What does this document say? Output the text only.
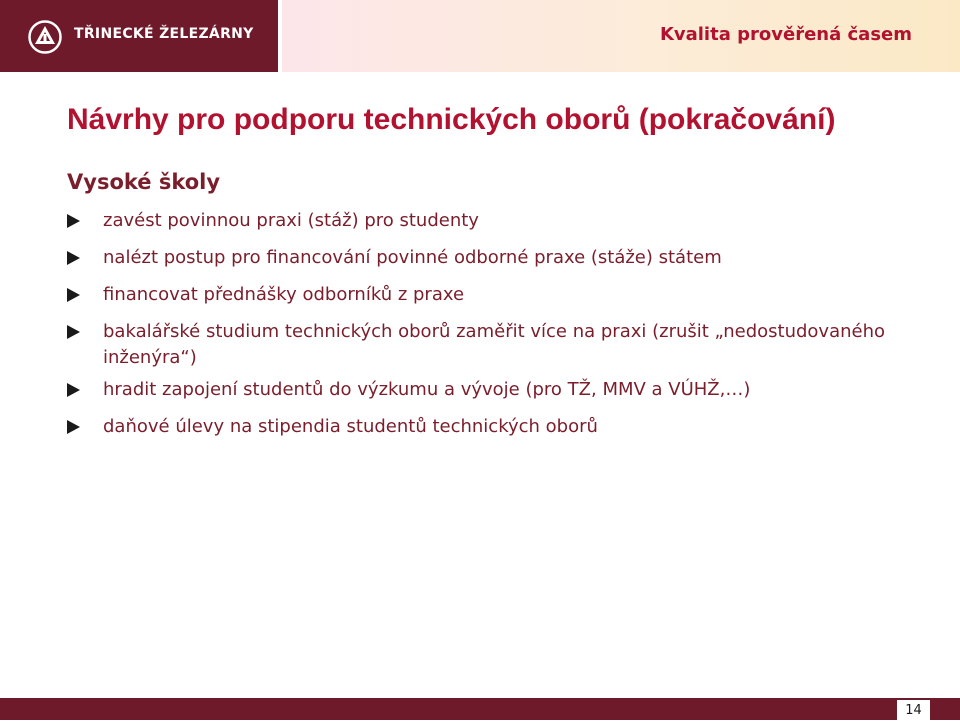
TŘINECKÉ ŽELEZÁRNY	Kvalita prověřená časem
Návrhy pro podporu technických oborů (pokračování)
Vysoké školy
zavést povinnou praxi (stáž) pro studenty
nalézt postup pro financování povinné odborné praxe (stáže) státem
financovat přednášky odborníků z praxe
bakalářské studium technických oborů zaměřit více na praxi (zrušit „nedostudovaného inženýra“)
hradit zapojení studentů do výzkumu a vývoje (pro TŽ, MMV a VÚHŽ,…)
daňové úlevy na stipendia studentů technických oborů
14
